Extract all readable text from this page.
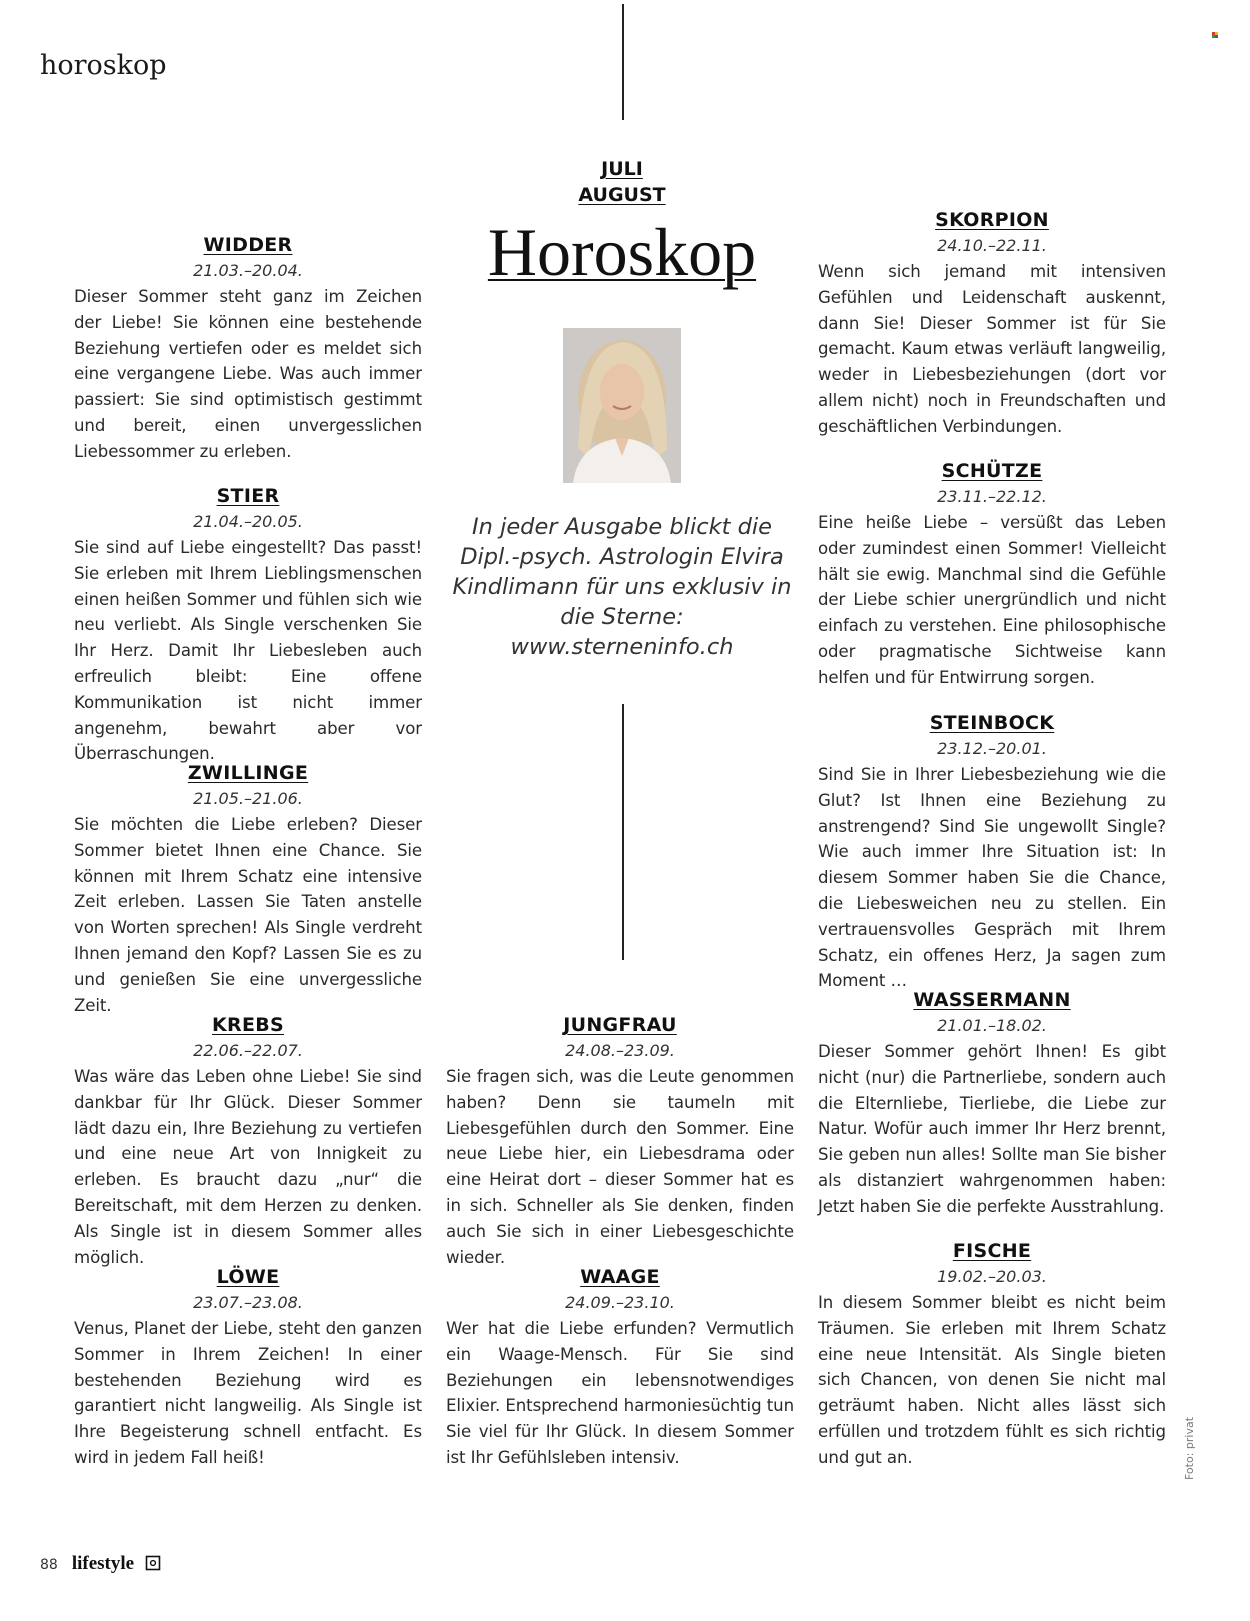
horoskop
JULI
AUGUST
Horoskop
In jeder Ausgabe blickt die Dipl.-psych. Astrologin Elvira Kindlimann für uns exklusiv in die Sterne: www.sterneninfo.ch
WIDDER
21.03.–20.04.

Dieser Sommer steht ganz im Zeichen der Liebe! Sie können eine bestehende Beziehung vertiefen oder es meldet sich eine vergangene Liebe. Was auch immer passiert: Sie sind optimistisch gestimmt und bereit, einen unvergesslichen Liebessommer zu erleben.

STIER
21.04.–20.05.

Sie sind auf Liebe eingestellt? Das passt! Sie erleben mit Ihrem Lieblingsmenschen einen heißen Sommer und fühlen sich wie neu verliebt. Als Single verschenken Sie Ihr Herz. Damit Ihr Liebesleben auch erfreulich bleibt: Eine offene Kommunikation ist nicht immer angenehm, bewahrt aber vor Überraschungen.

ZWILLINGE
21.05.–21.06.

Sie möchten die Liebe erleben? Dieser Sommer bietet Ihnen eine Chance. Sie können mit Ihrem Schatz eine intensive Zeit erleben. Lassen Sie Taten anstelle von Worten sprechen! Als Single verdreht Ihnen jemand den Kopf? Lassen Sie es zu und genießen Sie eine unvergessliche Zeit.

KREBS
22.06.–22.07.

Was wäre das Leben ohne Liebe! Sie sind dankbar für Ihr Glück. Dieser Sommer lädt dazu ein, Ihre Beziehung zu vertiefen und eine neue Art von Innigkeit zu erleben. Es braucht dazu „nur“ die Bereitschaft, mit dem Herzen zu denken. Als Single ist in diesem Sommer alles möglich.

LÖWE
23.07.–23.08.

Venus, Planet der Liebe, steht den ganzen Sommer in Ihrem Zeichen! In einer bestehenden Beziehung wird es garantiert nicht langweilig. Als Single ist Ihre Begeisterung schnell entfacht. Es wird in jedem Fall heiß!

JUNGFRAU
24.08.–23.09.

Sie fragen sich, was die Leute genommen haben? Denn sie taumeln mit Liebesgefühlen durch den Sommer. Eine neue Liebe hier, ein Liebesdrama oder eine Heirat dort – dieser Sommer hat es in sich. Schneller als Sie denken, finden auch Sie sich in einer Liebesgeschichte wieder.

WAAGE
24.09.–23.10.

Wer hat die Liebe erfunden? Vermutlich ein Waage-Mensch. Für Sie sind Beziehungen ein lebensnotwendiges Elixier. Entsprechend harmoniesüchtig tun Sie viel für Ihr Glück. In diesem Sommer ist Ihr Gefühlsleben intensiv.

SKORPION
24.10.–22.11.

Wenn sich jemand mit intensiven Gefühlen und Leidenschaft auskennt, dann Sie! Dieser Sommer ist für Sie gemacht. Kaum etwas verläuft langweilig, weder in Liebesbeziehungen (dort vor allem nicht) noch in Freundschaften und geschäftlichen Verbindungen.

SCHÜTZE
23.11.–22.12.

Eine heiße Liebe – versüßt das Leben oder zumindest einen Sommer! Vielleicht hält sie ewig. Manchmal sind die Gefühle der Liebe schier unergründlich und nicht einfach zu verstehen. Eine philosophische oder pragmatische Sichtweise kann helfen und für Entwirrung sorgen.

STEINBOCK
23.12.–20.01.

Sind Sie in Ihrer Liebesbeziehung wie die Glut? Ist Ihnen eine Beziehung zu anstrengend? Sind Sie ungewollt Single? Wie auch immer Ihre Situation ist: In diesem Sommer haben Sie die Chance, die Liebesweichen neu zu stellen. Ein vertrauensvolles Gespräch mit Ihrem Schatz, ein offenes Herz, Ja sagen zum Moment …

WASSERMANN
21.01.–18.02.

Dieser Sommer gehört Ihnen! Es gibt nicht (nur) die Partnerliebe, sondern auch die Elternliebe, Tierliebe, die Liebe zur Natur. Wofür auch immer Ihr Herz brennt, Sie geben nun alles! Sollte man Sie bisher als distanziert wahrgenommen haben: Jetzt haben Sie die perfekte Ausstrahlung.

FISCHE
19.02.–20.03.

In diesem Sommer bleibt es nicht beim Träumen. Sie erleben mit Ihrem Schatz eine neue Intensität. Als Single bieten sich Chancen, von denen Sie nicht mal geträumt haben. Nicht alles lässt sich erfüllen und trotzdem fühlt es sich richtig und gut an.	Foto: privat
88 lifestyle
